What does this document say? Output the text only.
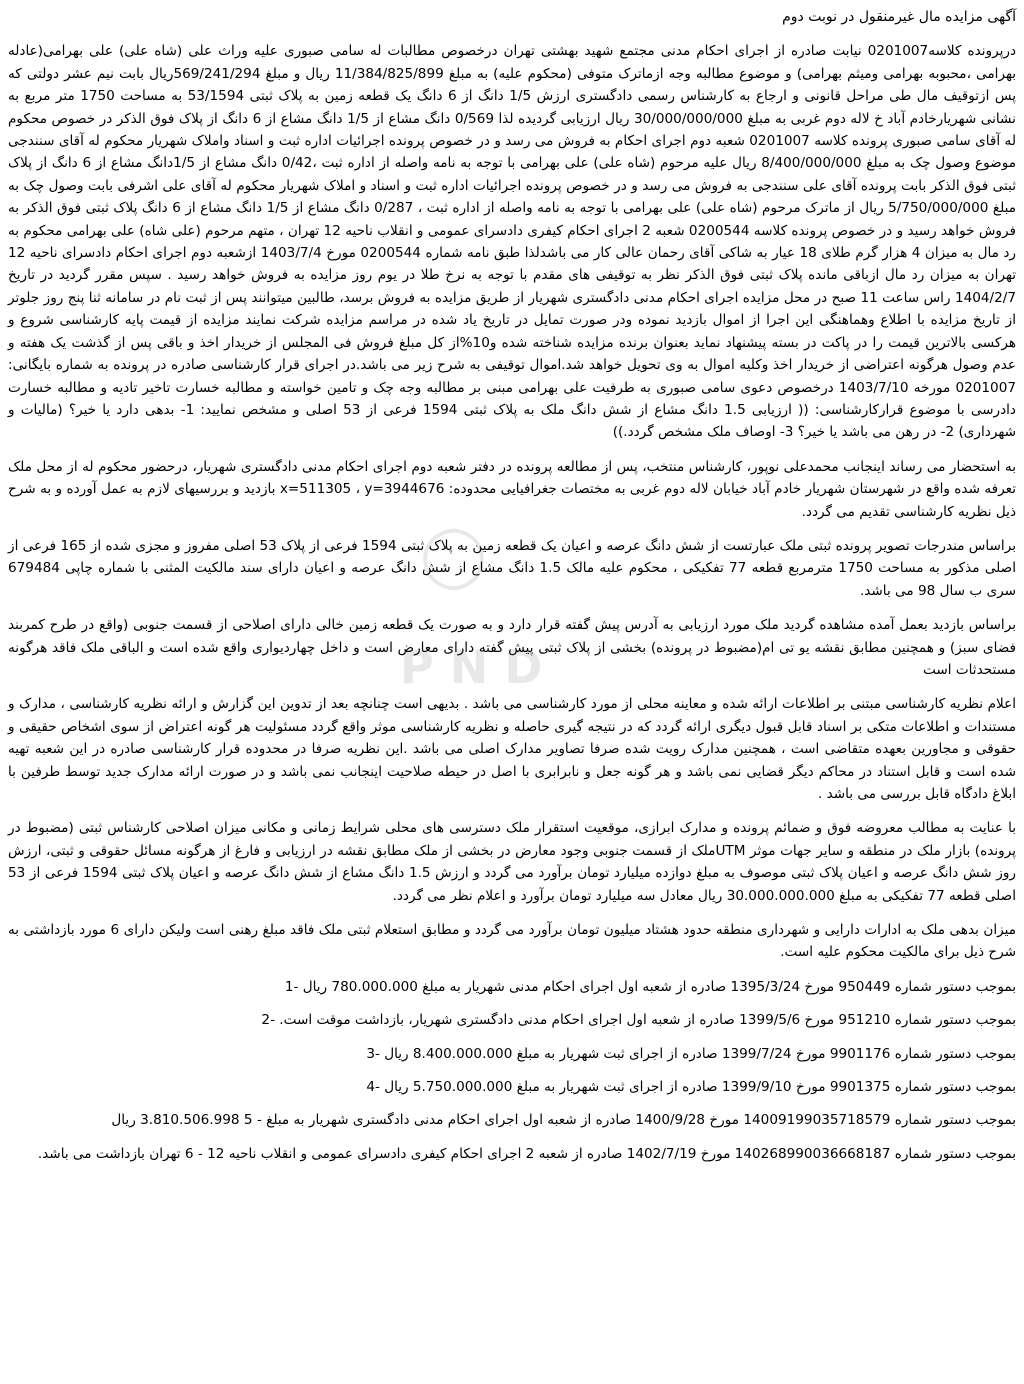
◯
P N D
آگهی مزایده مال غیرمنقول در نوبت دوم

درپرونده کلاسه0201007 نیابت صادره از اجرای احکام مدنی مجتمع شهید بهشتی تهران درخصوص مطالبات له سامی صبوری علیه وراث علی (شاه علی) علی بهرامی(عادله بهرامی ،محبوبه بهرامی ومیثم بهرامی) و موضوع مطالبه وجه ازماترک متوفی (محکوم علیه) به مبلغ 11/384/825/899 ریال و مبلغ 569/241/294ریال بابت نیم عشر دولتی که پس ازتوقیف مال طی مراحل قانونی و ارجاع به کارشناس رسمی دادگستری ارزش 1/5 دانگ از 6 دانگ یک قطعه زمین به پلاک ثبتی 53/1594 به مساحت 1750 متر مربع به نشانی شهریارخادم آباد خ لاله دوم غربی به مبلغ 30/000/000/000 ریال ارزیابی گردیده لذا 0/569 دانگ مشاع از 1/5 دانگ مشاع از 6 دانگ از پلاک فوق الذکر در خصوص محکوم له آقای سامی صبوری پرونده کلاسه 0201007 شعبه دوم اجرای احکام به فروش می رسد و در خصوص پرونده اجرائیات اداره ثبت و اسناد واملاک شهریار محکوم له آقای سنندجی موضوع وصول چک به مبلغ 8/400/000/000 ریال علیه مرحوم (شاه علی) علی بهرامی با توجه به نامه واصله از اداره ثبت ،0/42 دانگ مشاع از 1/5دانگ مشاع از 6 دانگ از پلاک ثبتی فوق الذکر بابت پرونده آقای علی سنندجی به فروش می رسد و در خصوص پرونده اجرائیات اداره ثبت و اسناد و املاک شهریار محکوم له آقای علی اشرفی بابت وصول چک به مبلغ 5/750/000/000 ریال از ماترک مرحوم (شاه علی) علی بهرامی با توجه به نامه واصله از اداره ثبت ، 0/287 دانگ مشاع از 1/5 دانگ مشاع از 6 دانگ پلاک ثبتی فوق الذکر به فروش خواهد رسید و در خصوص پرونده کلاسه 0200544 شعبه 2 اجرای احکام کیفری دادسرای عمومی و انقلاب ناحیه 12 تهران ، متهم مرحوم (علی شاه) علی بهرامی محکوم به رد مال به میزان 4 هزار گرم طلای 18 عیار به شاکی آقای رحمان عالی کار می باشدلذا طبق نامه شماره 0200544 مورخ 1403/7/4 ازشعبه دوم اجرای احکام دادسرای ناحیه 12 تهران به میزان رد مال ازباقی مانده پلاک ثبتی فوق الذکر نظر به توقیفی های مقدم با توجه به نرخ طلا در یوم روز مزایده به فروش خواهد رسید . سپس مقرر گردید در تاریخ 1404/2/7 راس ساعت 11 صبح در محل مزایده اجرای احکام مدنی دادگستری شهریار از طریق مزایده به فروش برسد، طالبین میتوانند پس از ثبت نام در سامانه ثنا پنج روز جلوتر از تاریخ مزایده با اطلاع وهماهنگی این اجرا از اموال بازدید نموده ودر صورت تمایل در تاریخ یاد شده در مراسم مزایده شرکت نمایند مزایده از قیمت پایه کارشناسی شروع و هرکسی بالاترین قیمت را در پاکت در بسته پیشنهاد نماید بعنوان برنده مزایده شناخته شده و10%از کل مبلغ فروش فی المجلس از خریدار اخذ و باقی پس از گذشت یک هفته و عدم وصول هرگونه اعتراضی از خریدار اخذ وکلیه اموال به وی تحویل خواهد شد.اموال توقیفی به شرح زیر می باشد.در اجرای قرار کارشناسی صادره در پرونده به شماره بایگانی: 0201007 مورخه 1403/7/10 درخصوص دعوی سامی صبوری به طرفیت علی بهرامی مبنی بر مطالبه وجه چک و تامین خواسته و مطالبه خسارت تاخیر تادیه و مطالبه خسارت دادرسی با موضوع قرارکارشناسی: (( ارزیابی 1.5 دانگ مشاع از شش دانگ ملک به پلاک ثبتی 1594 فرعی از 53 اصلی و مشخص نمایید: 1- بدهی دارد یا خیر؟ (مالیات و شهرداری) 2- در رهن می باشد یا خیر؟ 3- اوصاف ملک مشخص گردد.))

به استحضار می رساند اینجانب محمدعلی نوپور، کارشناس منتخب، پس از مطالعه پرونده در دفتر شعبه دوم اجرای احکام مدنی دادگستری شهریار، درحضور محکوم له از محل ملک تعرفه شده واقع در شهرستان شهریار خادم آباد خیابان لاله دوم غربی به مختصات جغرافیایی محدوده: x=511305 ، y=3944676 بازدید و بررسیهای لازم به عمل آورده و به شرح ذیل نظریه کارشناسی تقدیم می گردد.

براساس مندرجات تصویر پرونده ثبتی ملک عبارتست از شش دانگ عرصه و اعیان یک قطعه زمین به پلاک ثبتی 1594 فرعی از پلاک 53 اصلی مفروز و مجزی شده از 165 فرعی از اصلی مذکور به مساحت 1750 مترمربع قطعه 77 تفکیکی ، محکوم علیه مالک 1.5 دانگ مشاع از شش دانگ عرصه و اعیان دارای سند مالکیت المثنی با شماره چاپی 679484 سری ب سال 98 می باشد.

براساس بازدید بعمل آمده مشاهده گردید ملک مورد ارزیابی به آدرس پیش گفته قرار دارد و به صورت یک قطعه زمین خالی دارای اصلاحی از قسمت جنوبی (واقع در طرح کمربند فضای سبز) و همچنین مطابق نقشه یو تی ام(مضبوط در پرونده) بخشی از پلاک ثبتی پیش گفته دارای معارض است و داخل چهاردیواری واقع شده است و الباقی ملک فاقد هرگونه مستحدثات است

اعلام نظریه کارشناسی مبتنی بر اطلاعات ارائه شده و معاینه محلی از مورد کارشناسی می باشد . بدیهی است چنانچه بعد از تدوین این گزارش و ارائه نظریه کارشناسی ، مدارک و مستندات و اطلاعات متکی بر اسناد قابل قبول دیگری ارائه گردد که در نتیجه گیری حاصله و نظریه کارشناسی موثر واقع گردد مسئولیت هر گونه اعتراض از سوی اشخاص حقیقی و حقوقی و مجاورین بعهده متقاضی است ، همچنین مدارک رویت شده صرفا تصاویر مدارک اصلی می باشد .این نظریه صرفا در محدوده قرار کارشناسی صادره در این شعبه تهیه شده است و قابل استناد در محاکم دیگر قضایی نمی باشد و هر گونه جعل و نابرابری با اصل در حیطه صلاحیت اینجانب نمی باشد و در صورت ارائه مدارک جدید توسط طرفین با ابلاغ دادگاه قابل بررسی می باشد .

با عنایت به مطالب معروضه فوق و ضمائم پرونده و مدارک ابرازی، موقعیت استقرار ملک دسترسی های محلی شرایط زمانی و مکانی میزان اصلاحی کارشناس ثبتی (مضبوط در پرونده) بازار ملک در منطقه و سایر جهات موثر UTMملک از قسمت جنوبی وجود معارض در بخشی از ملک مطابق نقشه در ارزیابی و فارغ از هرگونه مسائل حقوقی و ثبتی، ارزش روز شش دانگ عرصه و اعیان پلاک ثبتی موصوف به مبلغ دوازده میلیارد تومان برآورد می گردد و ارزش 1.5 دانگ مشاع از شش دانگ عرصه و اعیان پلاک ثبتی 1594 فرعی از 53 اصلی قطعه 77 تفکیکی به مبلغ 30.000.000.000 ریال معادل سه میلیارد تومان برآورد و اعلام نظر می گردد.

میزان بدهی ملک به ادارات دارایی و شهرداری منطقه حدود هشتاد میلیون تومان برآورد می گردد و مطابق استعلام ثبتی ملک فاقد مبلغ رهنی است ولیکن دارای 6 مورد بازداشتی به شرح ذیل برای مالکیت محکوم علیه است.

بموجب دستور شماره 950449 مورخ 1395/3/24 صادره از شعبه اول اجرای احکام مدنی شهریار به مبلغ 780.000.000 ریال -1

بموجب دستور شماره 951210 مورخ 1399/5/6 صادره از شعبه اول اجرای احکام مدنی دادگستری شهریار، بازداشت موقت است. -2

بموجب دستور شماره 9901176 مورخ 1399/7/24 صادره از اجرای ثبت شهریار به مبلغ 8.400.000.000 ریال -3

بموجب دستور شماره 9901375 مورخ 1399/9/10 صادره از اجرای ثبت شهریار به مبلغ 5.750.000.000 ریال -4

بموجب دستور شماره 14009199035718579 مورخ 1400/9/28 صادره از شعبه اول اجرای احکام مدنی دادگستری شهریار به مبلغ - 5 3.810.506.998 ریال

بموجب دستور شماره 140268990036668187 مورخ 1402/7/19 صادره از شعبه 2 اجرای احکام کیفری دادسرای عمومی و انقلاب ناحیه 12 - 6 تهران بازداشت می باشد.
